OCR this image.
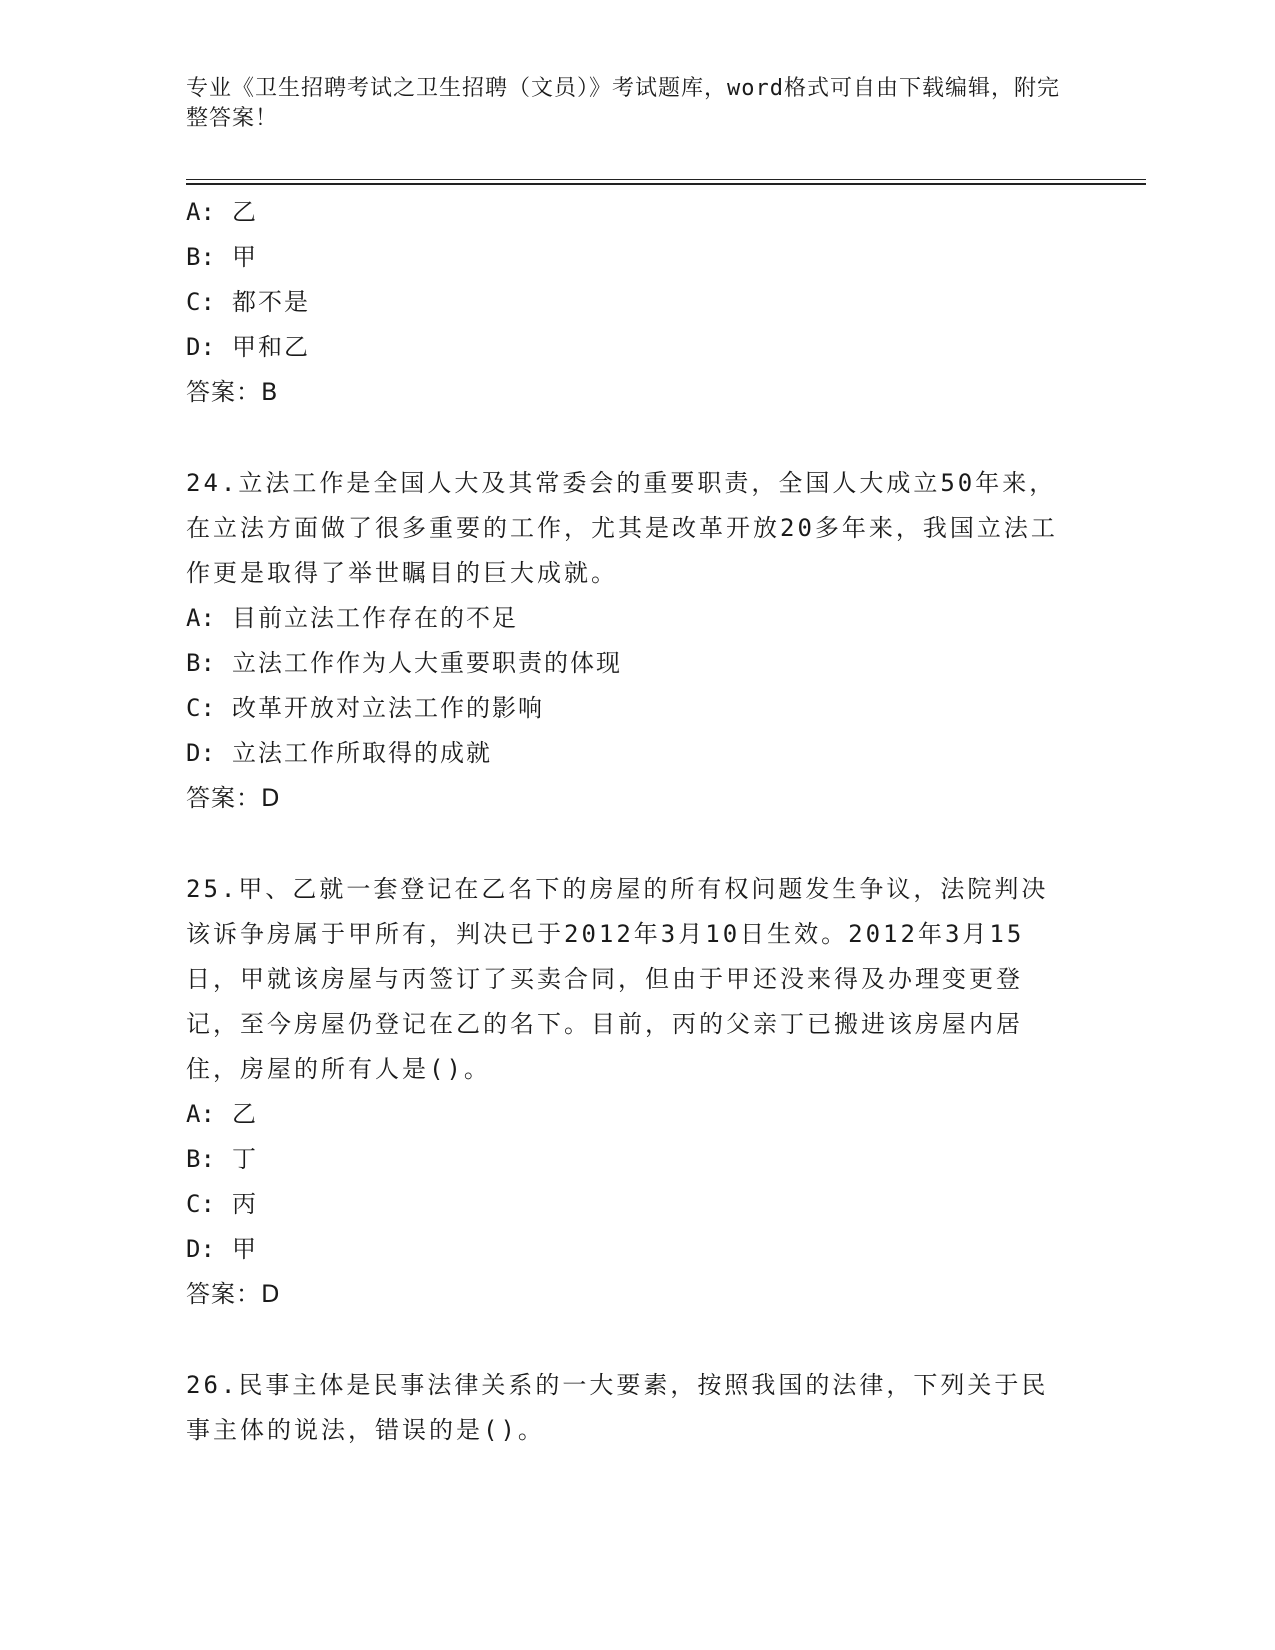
专业《卫生招聘考试之卫生招聘（文员）》考试题库，word格式可自由下载编辑，附完整答案！
A: 乙
B: 甲
C: 都不是
D: 甲和乙
答案：B
24.立法工作是全国人大及其常委会的重要职责，全国人大成立50年来，在立法方面做了很多重要的工作，尤其是改革开放20多年来，我国立法工作更是取得了举世瞩目的巨大成就。
A: 目前立法工作存在的不足
B: 立法工作作为人大重要职责的体现
C: 改革开放对立法工作的影响
D: 立法工作所取得的成就
答案：D
25.甲、乙就一套登记在乙名下的房屋的所有权问题发生争议，法院判决该诉争房属于甲所有，判决已于2012年3月10日生效。2012年3月15日，甲就该房屋与丙签订了买卖合同，但由于甲还没来得及办理变更登记，至今房屋仍登记在乙的名下。目前，丙的父亲丁已搬进该房屋内居住，房屋的所有人是()。
A: 乙
B: 丁
C: 丙
D: 甲
答案：D
26.民事主体是民事法律关系的一大要素，按照我国的法律，下列关于民事主体的说法，错误的是()。
